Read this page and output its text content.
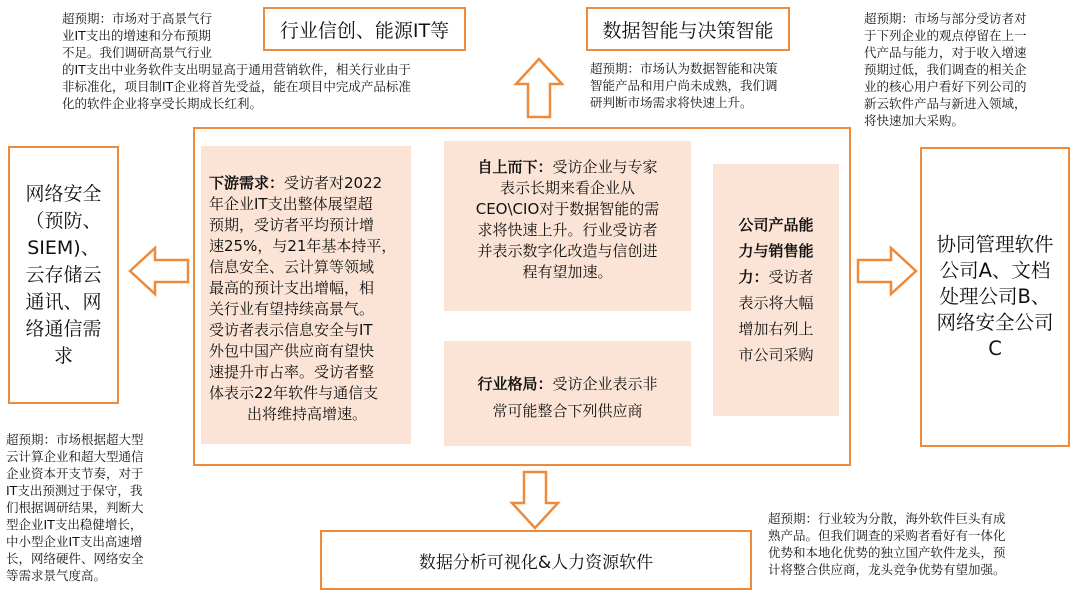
超预期：市场对于高景气行
业IT支出的增速和分布预期
不足。我们调研高景气行业
的IT支出中业务软件支出明显高于通用营销软件，相关行业由于
非标准化，项目制IT企业将首先受益，能在项目中完成产品标准
化的软件企业将享受长期成长红利。
行业信创、能源IT等	数据智能与决策智能
超预期：市场认为数据智能和决策
智能产品和用户尚未成熟，我们调
研判断市场需求将快速上升。
超预期：市场与部分受访者对
于下列企业的观点停留在上一
代产品与能力，对于收入增速
预期过低，我们调查的相关企
业的核心用户看好下列公司的
新云软件产品与新进入领域，
将快速加大采购。
网络安全
（预防、
SIEM)、
云存储云
通讯、网
络通信需
求
下游需求：受访者对2022
年企业IT支出整体展望超
预期，受访者平均预计增
速25%，与21年基本持平，
信息安全、云计算等领域
最高的预计支出增幅，相
关行业有望持续高景气。
受访者表示信息安全与IT
外包中国产供应商有望快
速提升市占率。受访者整
体表示22年软件与通信支
出将维持高增速。
自上而下：受访企业与专家
表示长期来看企业从
CEO\CIO对于数据智能的需
求将快速上升。行业受访者
并表示数字化改造与信创进
程有望加速。
行业格局：受访企业表示非
常可能整合下列供应商
公司产品能
力与销售能
力：受访者
表示将大幅
增加右列上
市公司采购
协同管理软件
公司A、文档
处理公司B、
网络安全公司
C
超预期：市场根据超大型
云计算企业和超大型通信
企业资本开支节奏，对于
IT支出预测过于保守，我
们根据调研结果，判断大
型企业IT支出稳健增长，
中小型企业IT支出高速增
长，网络硬件、网络安全
等需求景气度高。
数据分析可视化&人力资源软件
超预期：行业较为分散，海外软件巨头有成
熟产品。但我们调查的采购者看好有一体化
优势和本地化优势的独立国产软件龙头，预
计将整合供应商，龙头竞争优势有望加强。
